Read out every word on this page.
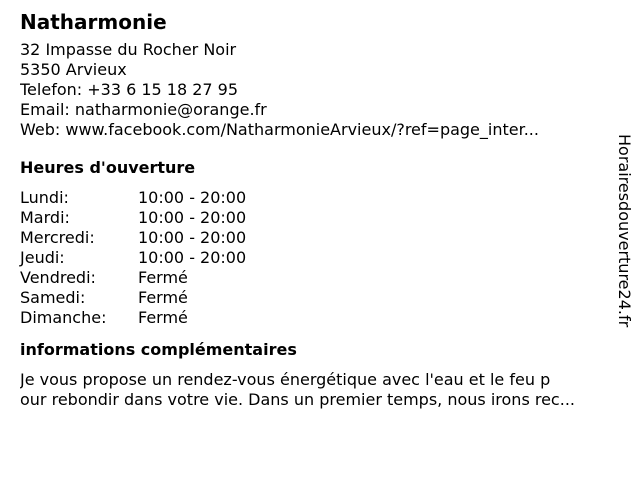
Natharmonie
32 Impasse du Rocher Noir
5350 Arvieux
Telefon: +33 6 15 18 27 95
Email: natharmonie@orange.fr
Web: www.facebook.com/NatharmonieArvieux/?ref=page_inter...
Heures d'ouverture
Lundi:	10:00 - 20:00
Mardi:	10:00 - 20:00
Mercredi:	10:00 - 20:00
Jeudi:	10:00 - 20:00
Vendredi:	Fermé
Samedi:	Fermé
Dimanche:	Fermé
informations complémentaires
Je vous propose un rendez-vous énergétique avec l'eau et le feu p
our rebondir dans votre vie. Dans un premier temps, nous irons rec...
Horairesdouverture24.fr
